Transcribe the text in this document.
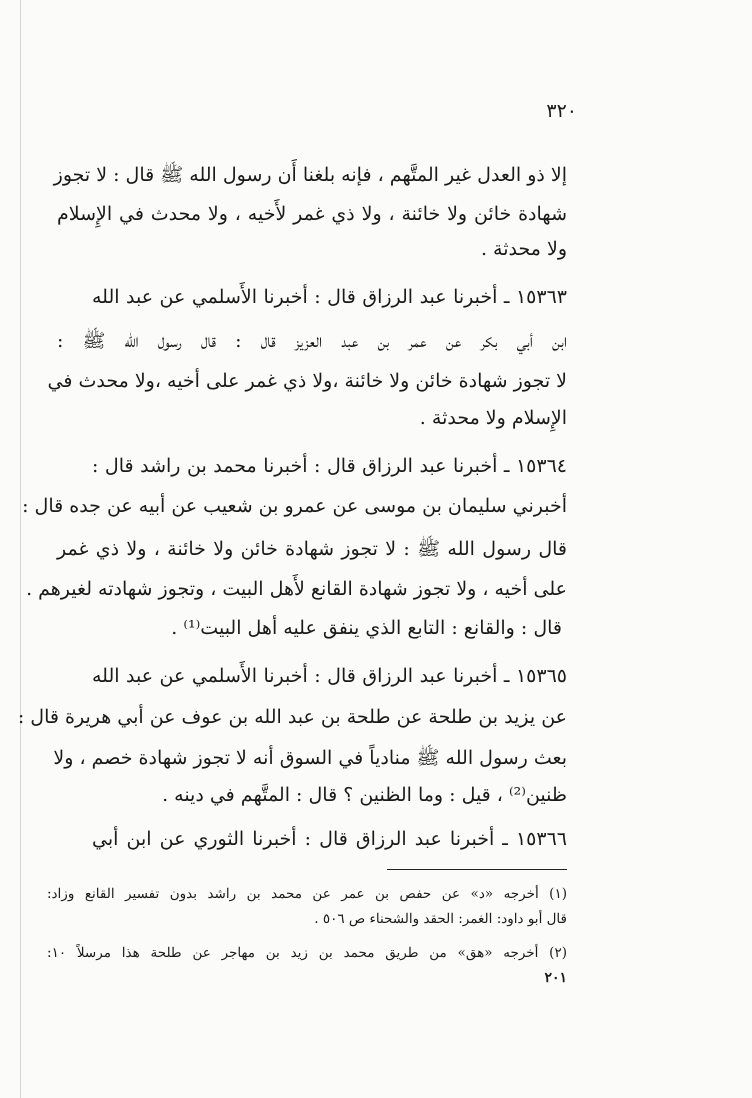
٣٢٠
إلا ذو العدل غير المتَّهم ، فإنه بلغنا أَن رسول الله ﷺ قال : لا تجوز
شهادة خائن ولا خائنة ، ولا ذي غمر لأَخيه ، ولا محدث في الإِسلام
ولا محدثة .
١٥٣٦٣ ـ أخبرنا عبد الرزاق قال : أخبرنا الأَسلمي عن عبد الله
ابن أبي بكر عن عمر بن عبد العزيز قال : قال رسول الله ﷺ :
لا تجوز شهادة خائن ولا خائنة ،ولا ذي غمر على أخيه ،ولا محدث في
الإِسلام ولا محدثة .
١٥٣٦٤ ـ أخبرنا عبد الرزاق قال : أخبرنا محمد بن راشد قال :
أخبرني سليمان بن موسى عن عمرو بن شعيب عن أبيه عن جده قال :
قال رسول الله ﷺ : لا تجوز شهادة خائن ولا خائنة ، ولا ذي غمر
على أخيه ، ولا تجوز شهادة القانع لأَهل البيت ، وتجوز شهادته لغيرهم .
قال : والقانع : التابع الذي ينفق عليه أهل البيت⁽¹⁾ .
١٥٣٦٥ ـ أخبرنا عبد الرزاق قال : أخبرنا الأَسلمي عن عبد الله
عن يزيد بن طلحة عن طلحة بن عبد الله بن عوف عن أبي هريرة قال :
بعث رسول الله ﷺ منادياً في السوق أنه لا تجوز شهادة خصم ، ولا
ظنين⁽²⁾ ، قيل : وما الظنين ؟ قال : المتَّهم في دينه .
١٥٣٦٦ ـ أخبرنا عبد الرزاق قال : أخبرنا الثوري عن ابن أبي
(١) أخرجه «د» عن حفص بن عمر عن محمد بن راشد بدون تفسير القانع وزاد:
قال أبو داود: الغمر: الحقد والشحناء ص ٥٠٦ .
(٢) أخرجه «هق» من طريق محمد بن زيد بن مهاجر عن طلحة هذا مرسلاً ١٠:
٢٠١
